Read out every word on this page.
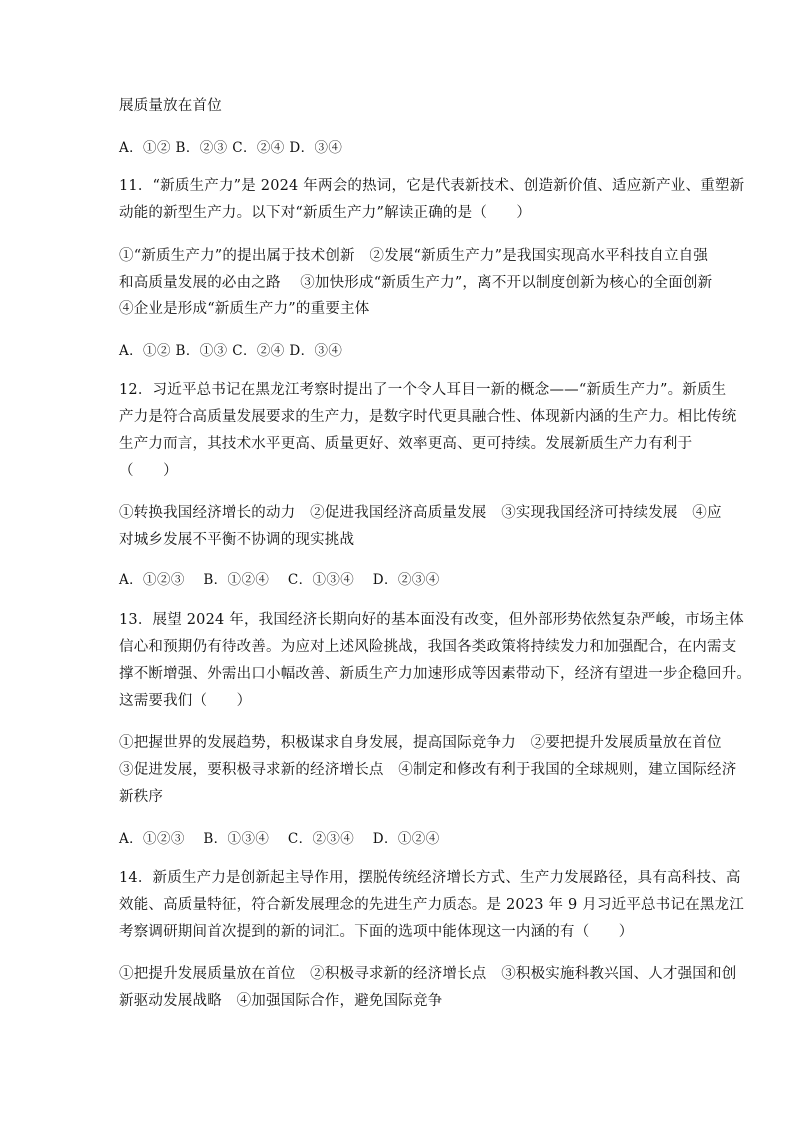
展质量放在首位
A．①② B．②③ C．②④ D．③④
11．“新质生产力”是 2024 年两会的热词，它是代表新技术、创造新价值、适应新产业、重塑新
动能的新型生产力。以下对“新质生产力”解读正确的是（　　）
①“新质生产力”的提出属于技术创新　②发展“新质生产力”是我国实现高水平科技自立自强
和高质量发展的必由之路　 ③加快形成“新质生产力”，离不开以制度创新为核心的全面创新
④企业是形成“新质生产力”的重要主体
A．①② B．①③ C．②④ D．③④
12．习近平总书记在黑龙江考察时提出了一个令人耳目一新的概念——“新质生产力”。新质生
产力是符合高质量发展要求的生产力，是数字时代更具融合性、体现新内涵的生产力。相比传统
生产力而言，其技术水平更高、质量更好、效率更高、更可持续。发展新质生产力有利于
（　　）
①转换我国经济增长的动力　②促进我国经济高质量发展　③实现我国经济可持续发展　④应
对城乡发展不平衡不协调的现实挑战
A．①②③　 B．①②④　 C．①③④　 D．②③④
13．展望 2024 年，我国经济长期向好的基本面没有改变，但外部形势依然复杂严峻，市场主体
信心和预期仍有待改善。为应对上述风险挑战，我国各类政策将持续发力和加强配合，在内需支
撑不断增强、外需出口小幅改善、新质生产力加速形成等因素带动下，经济有望进一步企稳回升。
这需要我们（　　）
①把握世界的发展趋势，积极谋求自身发展，提高国际竞争力　②要把提升发展质量放在首位
③促进发展，要积极寻求新的经济增长点　④制定和修改有利于我国的全球规则，建立国际经济
新秩序
A．①②③　 B．①③④　 C．②③④　 D．①②④
14．新质生产力是创新起主导作用，摆脱传统经济增长方式、生产力发展路径，具有高科技、高
效能、高质量特征，符合新发展理念的先进生产力质态。是 2023 年 9 月习近平总书记在黑龙江
考察调研期间首次提到的新的词汇。下面的选项中能体现这一内涵的有（　　）
①把提升发展质量放在首位　②积极寻求新的经济增长点　③积极实施科教兴国、人才强国和创
新驱动发展战略　④加强国际合作，避免国际竞争
